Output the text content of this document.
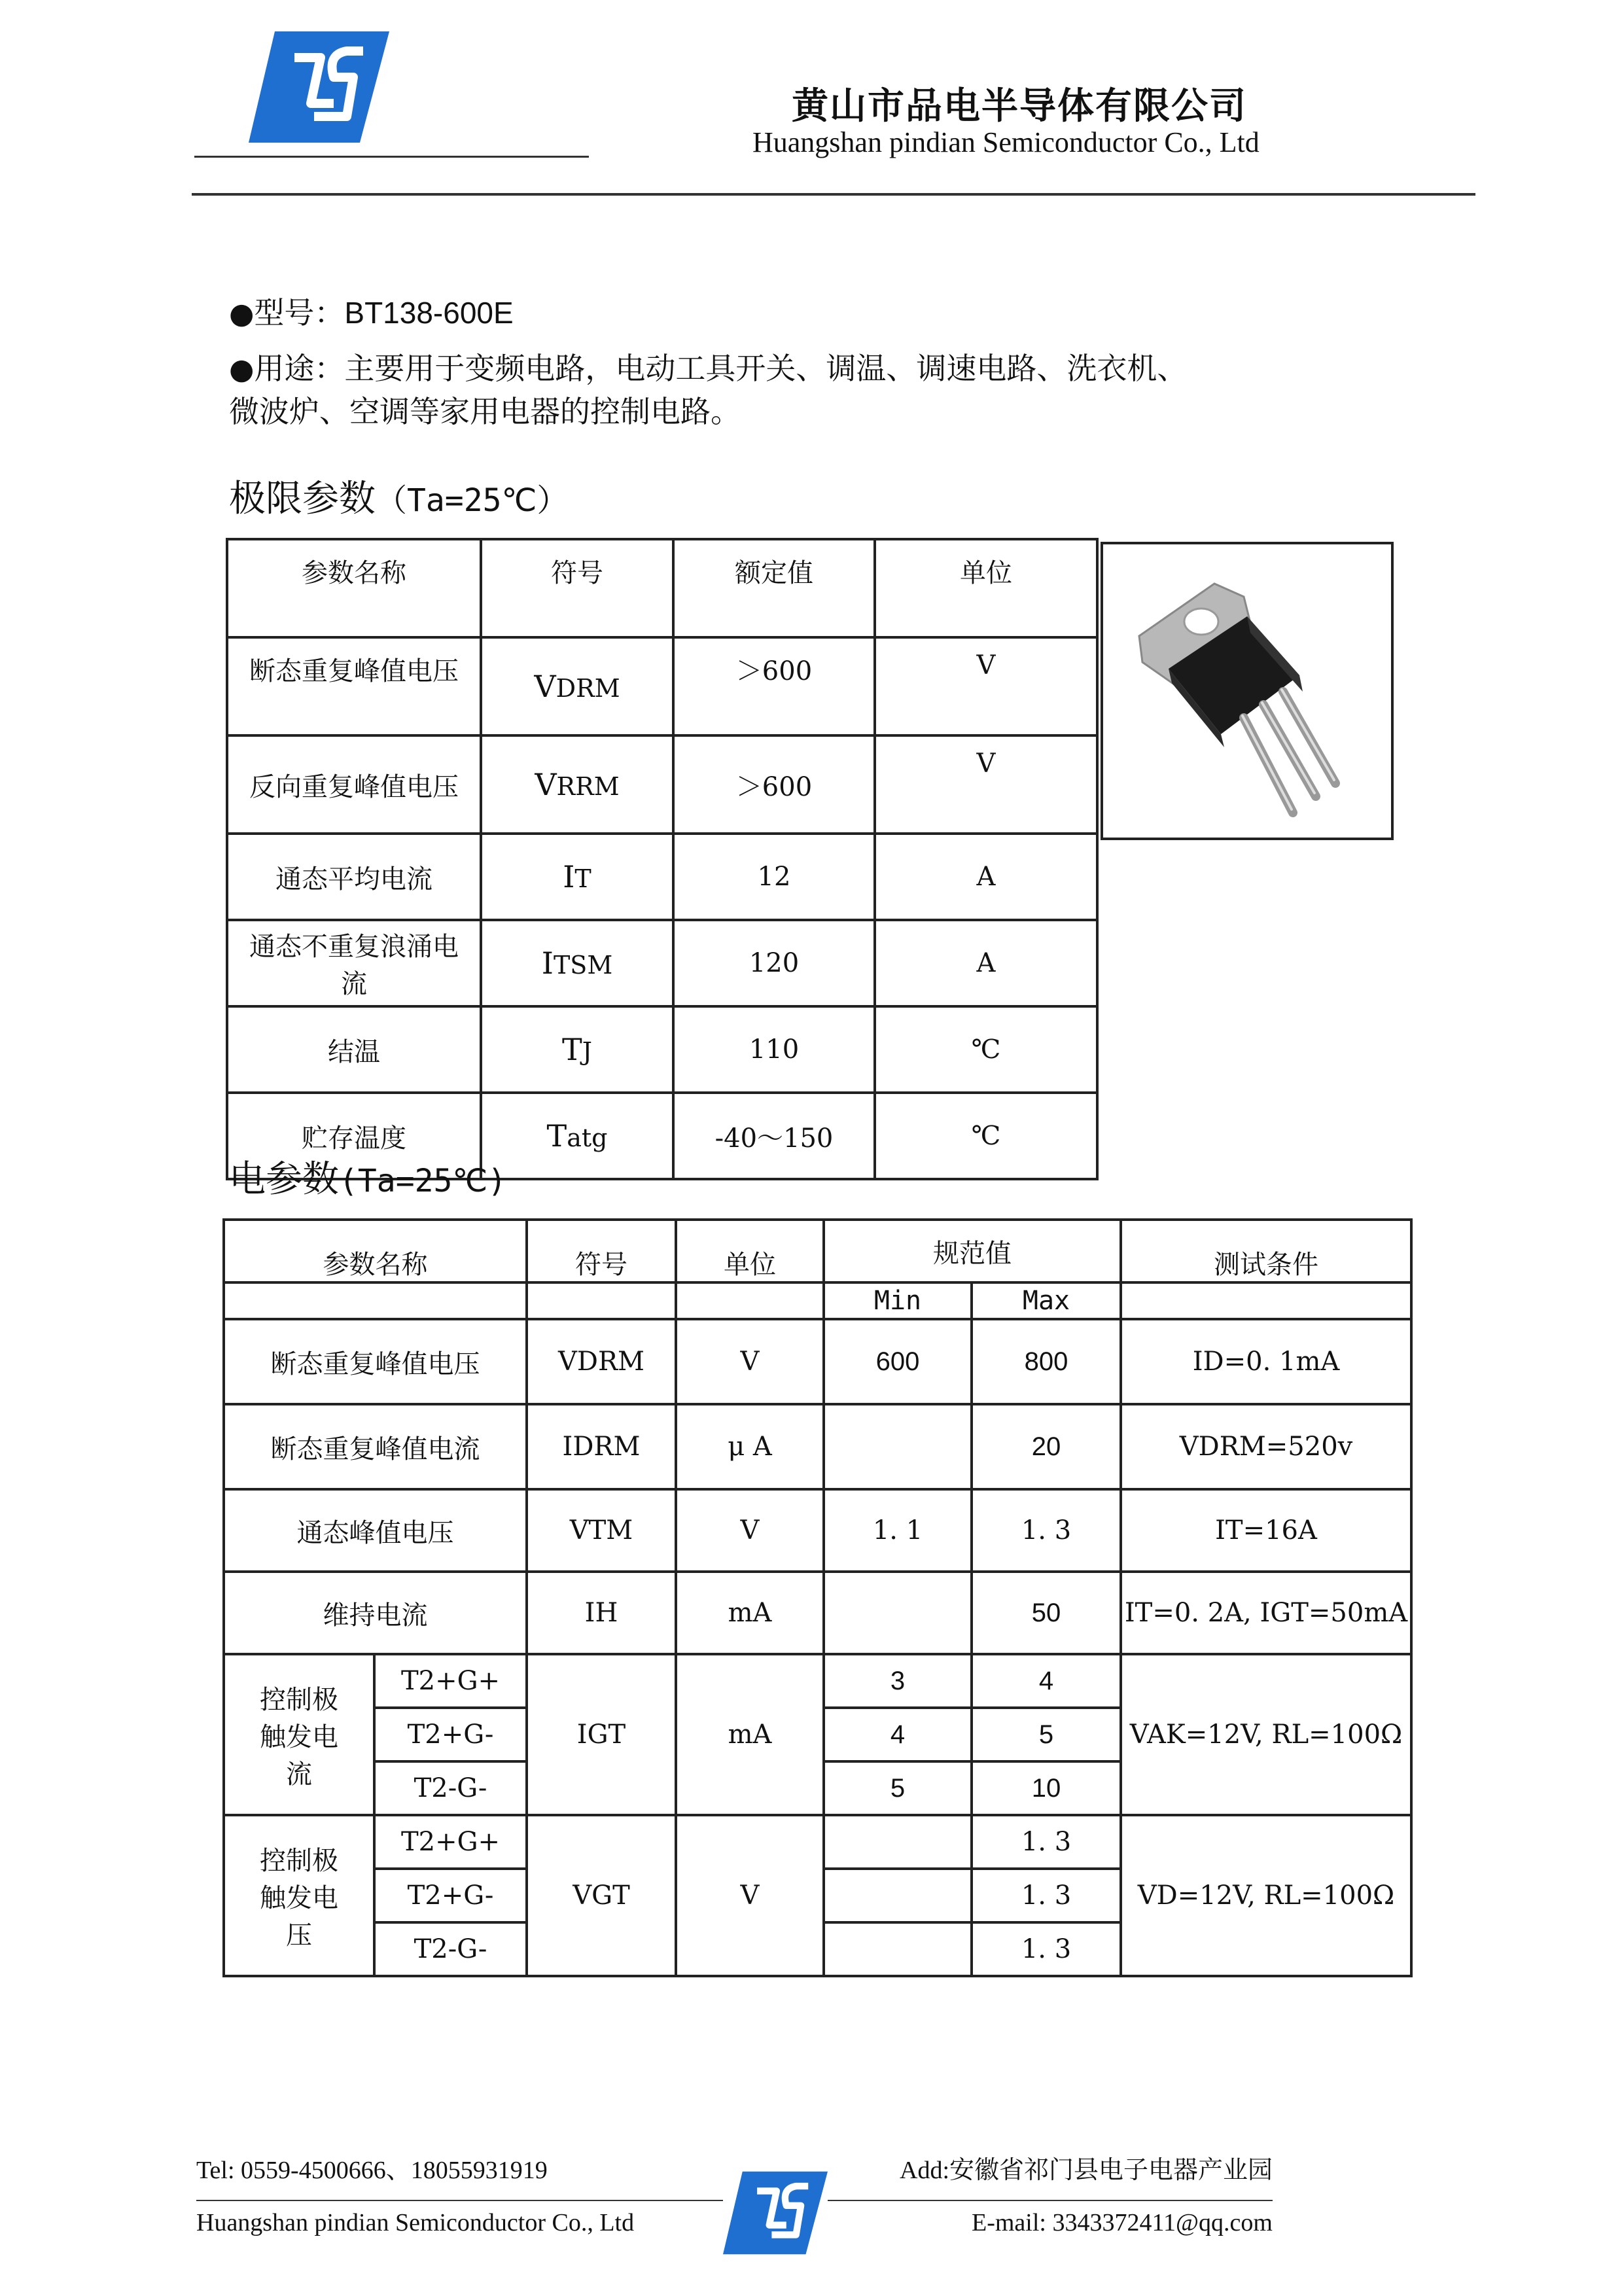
黄山市品电半导体有限公司
Huangshan pindian Semiconductor Co., Ltd
●型号：BT138-600E
●用途：主要用于变频电路，电动工具开关、调温、调速电路、洗衣机、
微波炉、空调等家用电器的控制电路。
极限参数（Ta=25℃）
参数名称	符号	额定值	单位
断态重复峰值电压	VDRM	＞600	V
反向重复峰值电压	VRRM	＞600	V
通态平均电流	IT	12	A

通态不重复浪涌电
流	ITSM	120	A
结温	TJ	110	℃
贮存温度	Tatg	-40～150	℃
电参数(Ta=25℃)
参数名称		符号	单位	规范值		测试条件
				Min	Max	
断态重复峰值电压		VDRM	V	600	800	ID=0. 1mA
断态重复峰值电流		IDRM	μ A		20	VDRM=520v
通态峰值电压		VTM	V	1. 1	1. 3	IT=16A
维持电流		IH	mA		50	IT=0. 2A, IGT=50mA

控制极
触发电
流	T2+G+	IGT	mA	3	4	VAK=12V, RL=100Ω
	T2+G-			4	5	
	T2-G-			5	10	

控制极
触发电
压	T2+G+	VGT	V		1. 3	VD=12V, RL=100Ω
	T2+G-				1. 3	
	T2-G-				1. 3	
Tel: 0559-4500666、18055931919	Add:安徽省祁门县电子电器产业园
Huangshan pindian Semiconductor Co., Ltd	E-mail: 3343372411@qq.com
